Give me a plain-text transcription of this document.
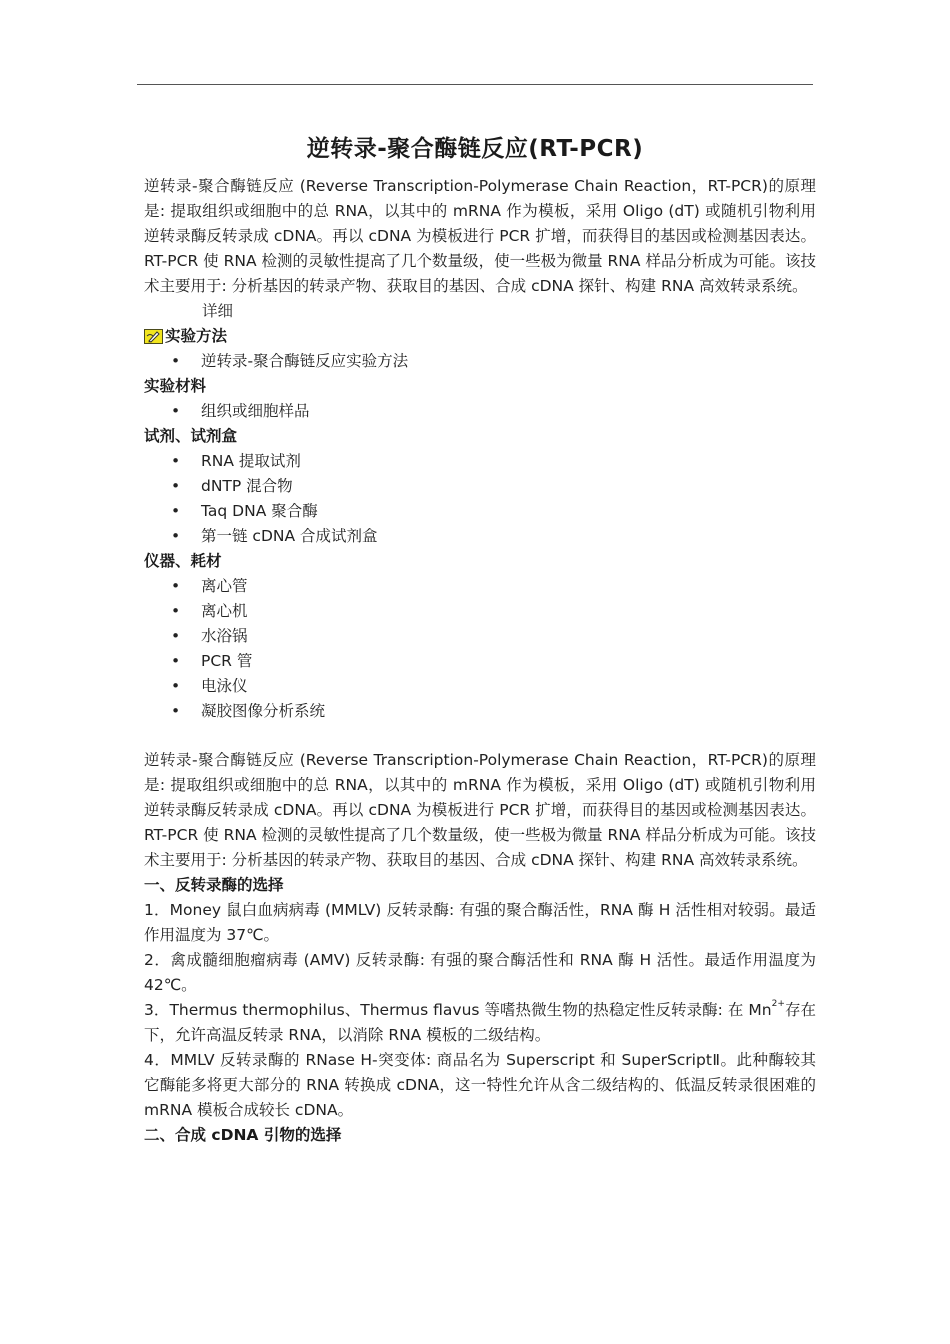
逆转录-聚合酶链反应(RT-PCR)

逆转录-聚合酶链反应 (Reverse Transcription-Polymerase Chain Reaction，RT-PCR)的原理是: 提取组织或细胞中的总 RNA，以其中的 mRNA 作为模板，采用 Oligo (dT) 或随机引物利用逆转录酶反转录成 cDNA。再以 cDNA 为模板进行 PCR 扩增，而获得目的基因或检测基因表达。RT-PCR 使 RNA 检测的灵敏性提高了几个数量级，使一些极为微量 RNA 样品分析成为可能。该技术主要用于: 分析基因的转录产物、获取目的基因、合成 cDNA 探针、构建 RNA 高效转录系统。

详细
实验方法
• 逆转录-聚合酶链反应实验方法
实验材料
• 组织或细胞样品
试剂、试剂盒
• RNA 提取试剂
• dNTP 混合物
• Taq DNA 聚合酶
• 第一链 cDNA 合成试剂盒
仪器、耗材
• 离心管
• 离心机
• 水浴锅
• PCR 管
• 电泳仪
• 凝胶图像分析系统

逆转录-聚合酶链反应 (Reverse Transcription-Polymerase Chain Reaction，RT-PCR)的原理是: 提取组织或细胞中的总 RNA，以其中的 mRNA 作为模板，采用 Oligo (dT) 或随机引物利用逆转录酶反转录成 cDNA。再以 cDNA 为模板进行 PCR 扩增，而获得目的基因或检测基因表达。RT-PCR 使 RNA 检测的灵敏性提高了几个数量级，使一些极为微量 RNA 样品分析成为可能。该技术主要用于: 分析基因的转录产物、获取目的基因、合成 cDNA 探针、构建 RNA 高效转录系统。

一、反转录酶的选择

1．Money 鼠白血病病毒 (MMLV) 反转录酶: 有强的聚合酶活性，RNA 酶 H 活性相对较弱。最适作用温度为 37℃。

2．禽成髓细胞瘤病毒 (AMV) 反转录酶: 有强的聚合酶活性和 RNA 酶 H 活性。最适作用温度为 42℃。

3．Thermus thermophilus、Thermus flavus 等嗜热微生物的热稳定性反转录酶: 在 $Mn^{2+}$存在下，允许高温反转录 RNA，以消除 RNA 模板的二级结构。

4．MMLV 反转录酶的 RNase H-突变体: 商品名为 Superscript 和 SuperScriptⅡ。此种酶较其它酶能多将更大部分的 RNA 转换成 cDNA，这一特性允许从含二级结构的、低温反转录很困难的 mRNA 模板合成较长 cDNA。

二、合成 cDNA 引物的选择
